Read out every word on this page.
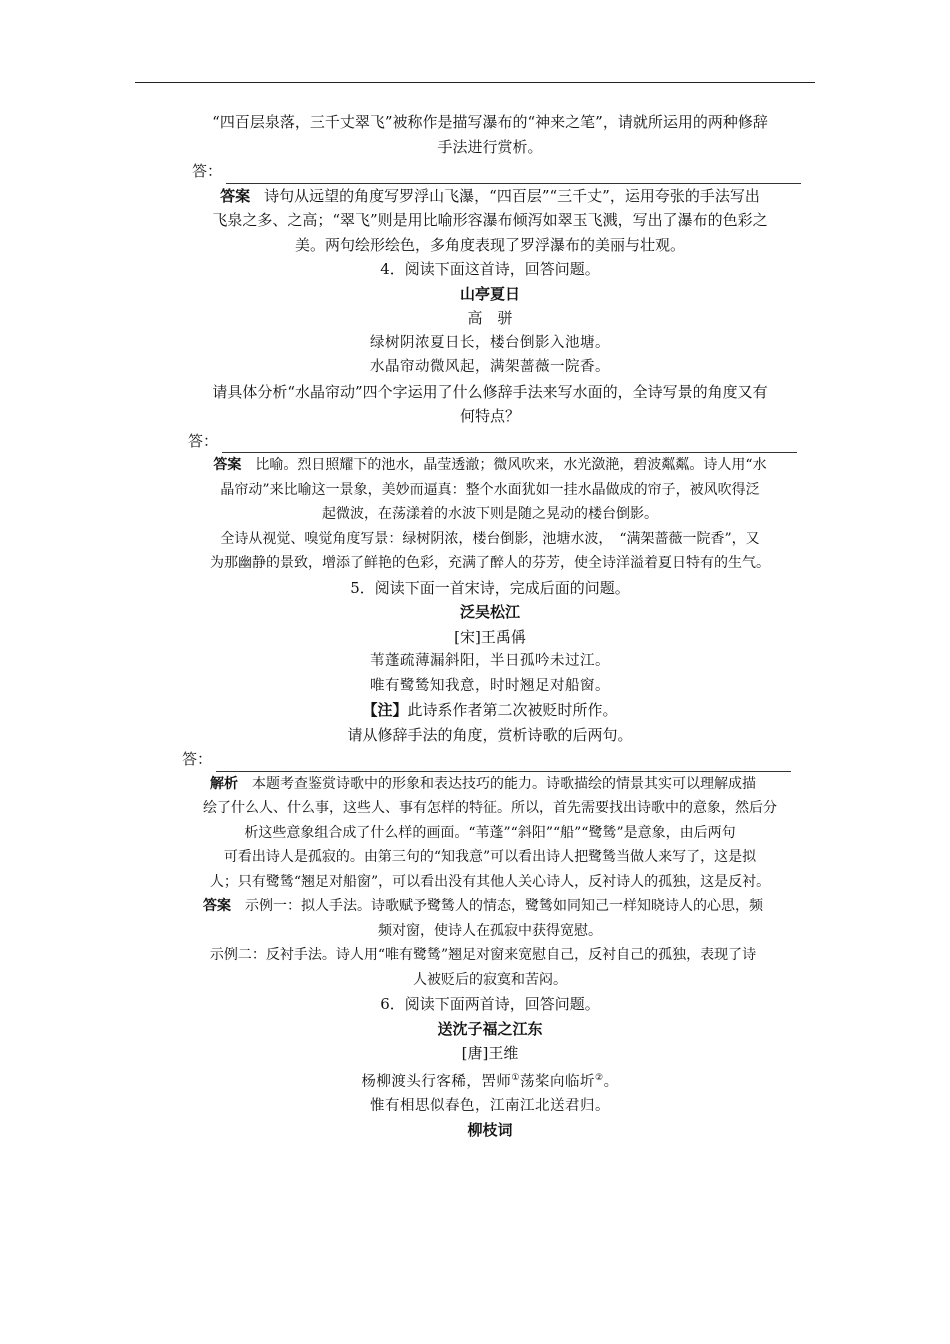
“四百层泉落，三千丈翠飞”被称作是描写瀑布的“神来之笔”，请就所运用的两种修辞

手法进行赏析。

答：

答案 诗句从远望的角度写罗浮山飞瀑，“四百层”“三千丈”，运用夸张的手法写出

飞泉之多、之高；“翠飞”则是用比喻形容瀑布倾泻如翠玉飞溅，写出了瀑布的色彩之

美。两句绘形绘色，多角度表现了罗浮瀑布的美丽与壮观。

4．阅读下面这首诗，回答问题。

山亭夏日

高　骈

绿树阴浓夏日长，楼台倒影入池塘。

水晶帘动微风起，满架蔷薇一院香。

请具体分析“水晶帘动”四个字运用了什么修辞手法来写水面的，全诗写景的角度又有

何特点？

答：

答案 比喻。烈日照耀下的池水，晶莹透澈；微风吹来，水光潋滟，碧波粼粼。诗人用“水

晶帘动”来比喻这一景象，美妙而逼真：整个水面犹如一挂水晶做成的帘子，被风吹得泛

起微波，在荡漾着的水波下则是随之晃动的楼台倒影。

全诗从视觉、嗅觉角度写景：绿树阴浓，楼台倒影，池塘水波，　“满架蔷薇一院香”，又

为那幽静的景致，增添了鲜艳的色彩，充满了醉人的芬芳，使全诗洋溢着夏日特有的生气。

5．阅读下面一首宋诗，完成后面的问题。

泛吴松江

[宋]王禹偁

苇蓬疏薄漏斜阳，半日孤吟未过江。

唯有鹭鸶知我意，时时翘足对船窗。

【注】此诗系作者第二次被贬时所作。

请从修辞手法的角度，赏析诗歌的后两句。

答：

解析 本题考查鉴赏诗歌中的形象和表达技巧的能力。诗歌描绘的情景其实可以理解成描

绘了什么人、什么事，这些人、事有怎样的特征。所以，首先需要找出诗歌中的意象，然后分

析这些意象组合成了什么样的画面。“苇蓬”“斜阳”“船”“鹭鸶”是意象，由后两句

可看出诗人是孤寂的。由第三句的“知我意”可以看出诗人把鹭鸶当做人来写了，这是拟

人；只有鹭鸶“翘足对船窗”，可以看出没有其他人关心诗人，反衬诗人的孤独，这是反衬。

答案 示例一：拟人手法。诗歌赋予鹭鸶人的情态，鹭鸶如同知己一样知晓诗人的心思，频

频对窗，使诗人在孤寂中获得宽慰。

示例二：反衬手法。诗人用“唯有鹭鸶”翘足对窗来宽慰自己，反衬自己的孤独，表现了诗

人被贬后的寂寞和苦闷。

6．阅读下面两首诗，回答问题。

送沈子福之江东

[唐]王维

杨柳渡头行客稀，罟师①荡桨向临圻②。

惟有相思似春色，江南江北送君归。

柳枝词
